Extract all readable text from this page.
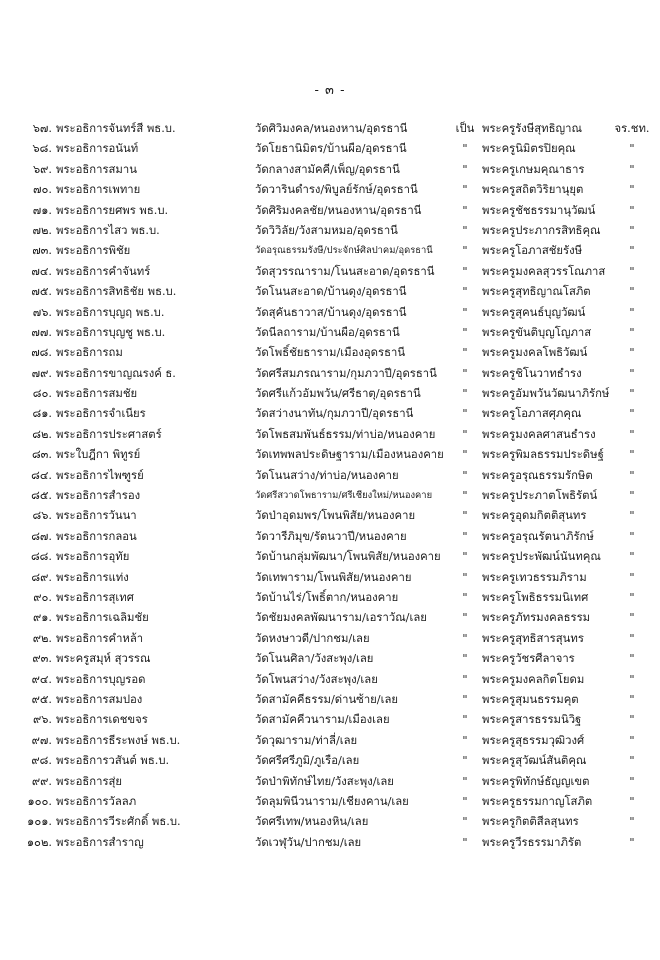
- ๓ -
๖๗. พระอธิการจันทร์สี พธ.บ.	วัดศิวิมงคล/หนองหาน/อุดรธานี	เป็น พระครูรังษีสุทธิญาณ	จร.ชท.
๖๘. พระอธิการอนันท์	วัดโยธานิมิตร/บ้านผือ/อุดรธานี	"	พระครูนิมิตรปิยคุณ	"
๖๙. พระอธิการสมาน	วัดกลางสามัคคี/เพ็ญ/อุดรธานี	"	พระครูเกษมคุณาธาร	"
๗๐. พระอธิการเพทาย	วัดวารินดำรง/พิบูลย์รักษ์/อุดรธานี	"	พระครูสถิตวิริยานุยุต	"
๗๑. พระอธิการยศพร พธ.บ.	วัดศิริมงคลชัย/หนองหาน/อุดรธานี	"	พระครูชัชธรรมานุวัฒน์	"
๗๒. พระอธิการไสว พธ.บ.	วัดวิวิลัย/วังสามหมอ/อุดรธานี	"	พระครูประภากรสิทธิคุณ	"
๗๓. พระอธิการพิชัย	วัดอรุณธรรมรังษี/ประจักษ์ศิลปาคม/อุดรธานี	"	พระครูโอภาสชัยรังษี	"
๗๔. พระอธิการคำจันทร์	วัดสุวรรณาราม/โนนสะอาด/อุดรธานี	"	พระครูมงคลสุวรรโณภาส	"
๗๕. พระอธิการสิทธิชัย พธ.บ.	วัดโนนสะอาด/บ้านดุง/อุดรธานี	"	พระครูสุทธิญาณโสภิต	"
๗๖. พระอธิการบุญฤ พธ.บ.	วัดสุคันธาวาส/บ้านดุง/อุดรธานี	"	พระครูสุคนธ์บุญวัฒน์	"
๗๗. พระอธิการบุญชู พธ.บ.	วัดนีลถาราม/บ้านผือ/อุดรธานี	"	พระครูขันติบุญโญภาส	"
๗๘. พระอธิการถม	วัดโพธิ์ชัยธาราม/เมืองอุดรธานี	"	พระครูมงคลโพธิวัฒน์	"
๗๙. พระอธิการขาญณรงค์ ธ.	วัดศรีสมภรณาราม/กุมภวาปี/อุดรธานี	"	พระครูชิโนวาทธำรง	"
๘๐. พระอธิการสมชัย	วัดศรีแก้วอัมพวัน/ศรีธาตุ/อุดรธานี	"	พระครูอัมพวันวัฒนาภิรักษ์	"
๘๑. พระอธิการจำเนียร	วัดสว่างนาทัน/กุมภวาปี/อุดรธานี	"	พระครูโอภาสศุภคุณ	"
๘๒. พระอธิการประศาสตร์	วัดโพธสมพันธ์ธรรม/ท่าบ่อ/หนองคาย	"	พระครูมงคลศาสนธำรง	"
๘๓. พระใบฎีกา พิทูรย์	วัดเทพพลประดิษฐาราม/เมืองหนองคาย	"	พระครูพิมลธรรมประดิษฐ์	"
๘๔. พระอธิการไพฑูรย์	วัดโนนสว่าง/ท่าบ่อ/หนองคาย	"	พระครูอรุณธรรมรักษิต	"
๘๕. พระอธิการสำรอง	วัดศรีสวาดโพธาราม/ศรีเชียงใหม่/หนองคาย	"	พระครูประภาตโพธิรัตน์	"
๘๖. พระอธิการวันนา	วัดป่าอุดมพร/โพนพิสัย/หนองคาย	"	พระครูอุดมกิตติสุนทร	"
๘๗. พระอธิการกลอน	วัดวารีภิมุข/รัตนวาปี/หนองคาย	"	พระครูอรุณรัตนาภิรักษ์	"
๘๘. พระอธิการอุทัย	วัดบ้านกลุ่มพัฒนา/โพนพิสัย/หนองคาย	"	พระครูประพัฒน์นันทคุณ	"
๘๙. พระอธิการแท่ง	วัดเทพาราม/โพนพิสัย/หนองคาย	"	พระครูเทวธรรมภิราม	"
๙๐. พระอธิการสุเทศ	วัดบ้านไร่/โพธิ์ตาก/หนองคาย	"	พระครูโพธิธรรมนิเทศ	"
๙๑. พระอธิการเฉลิมชัย	วัดชัยมงคลพัฒนาราม/เอราวัณ/เลย	"	พระครูภัทรมงคลธรรม	"
๙๒. พระอธิการคำหล้า	วัดหงษาวดี/ปากชม/เลย	"	พระครูสุทธิสารสุนทร	"
๙๓. พระครูสมุห์ สุวรรณ	วัดโนนศิลา/วังสะพุง/เลย	"	พระครูวัชรศีลาจาร	"
๙๔. พระอธิการบุญรอด	วัดโพนสว่าง/วังสะพุง/เลย	"	พระครูมงคลกิตโยดม	"
๙๕. พระอธิการสมปอง	วัดสามัคคีธรรม/ด่านซ้าย/เลย	"	พระครูสุมนธรรมคุต	"
๙๖. พระอธิการเดชขจร	วัดสามัคคีวนาราม/เมืองเลย	"	พระครูสารธรรมนิวิฐ	"
๙๗. พระอธิการธีระพงษ์ พธ.บ.	วัดวุฒาราม/ท่าลี่/เลย	"	พระครูสุธรรมวุฒิวงศ์	"
๙๘. พระอธิการวสันต์ พธ.บ.	วัดศรีศรีภูมิ/ภูเรือ/เลย	"	พระครูสุวัฒน์สันติคุณ	"
๙๙. พระอธิการสุ่ย	วัดป่าพิทักษ์ไทย/วังสะพุง/เลย	"	พระครูพิทักษ์ธัญญเขต	"
๑๐๐. พระอธิการวัลลภ	วัดลุมพินีวนาราม/เชียงคาน/เลย	"	พระครูธรรมกาญโสภิต	"
๑๐๑. พระอธิการวีระศักดิ์ พธ.บ.	วัดศรีเทพ/หนองหิน/เลย	"	พระครูกิตติสีลสุนทร	"
๑๐๒. พระอธิการสำราญ	วัดเวฬุวัน/ปากชม/เลย	"	พระครูวีรธรรมาภิรัต	"
